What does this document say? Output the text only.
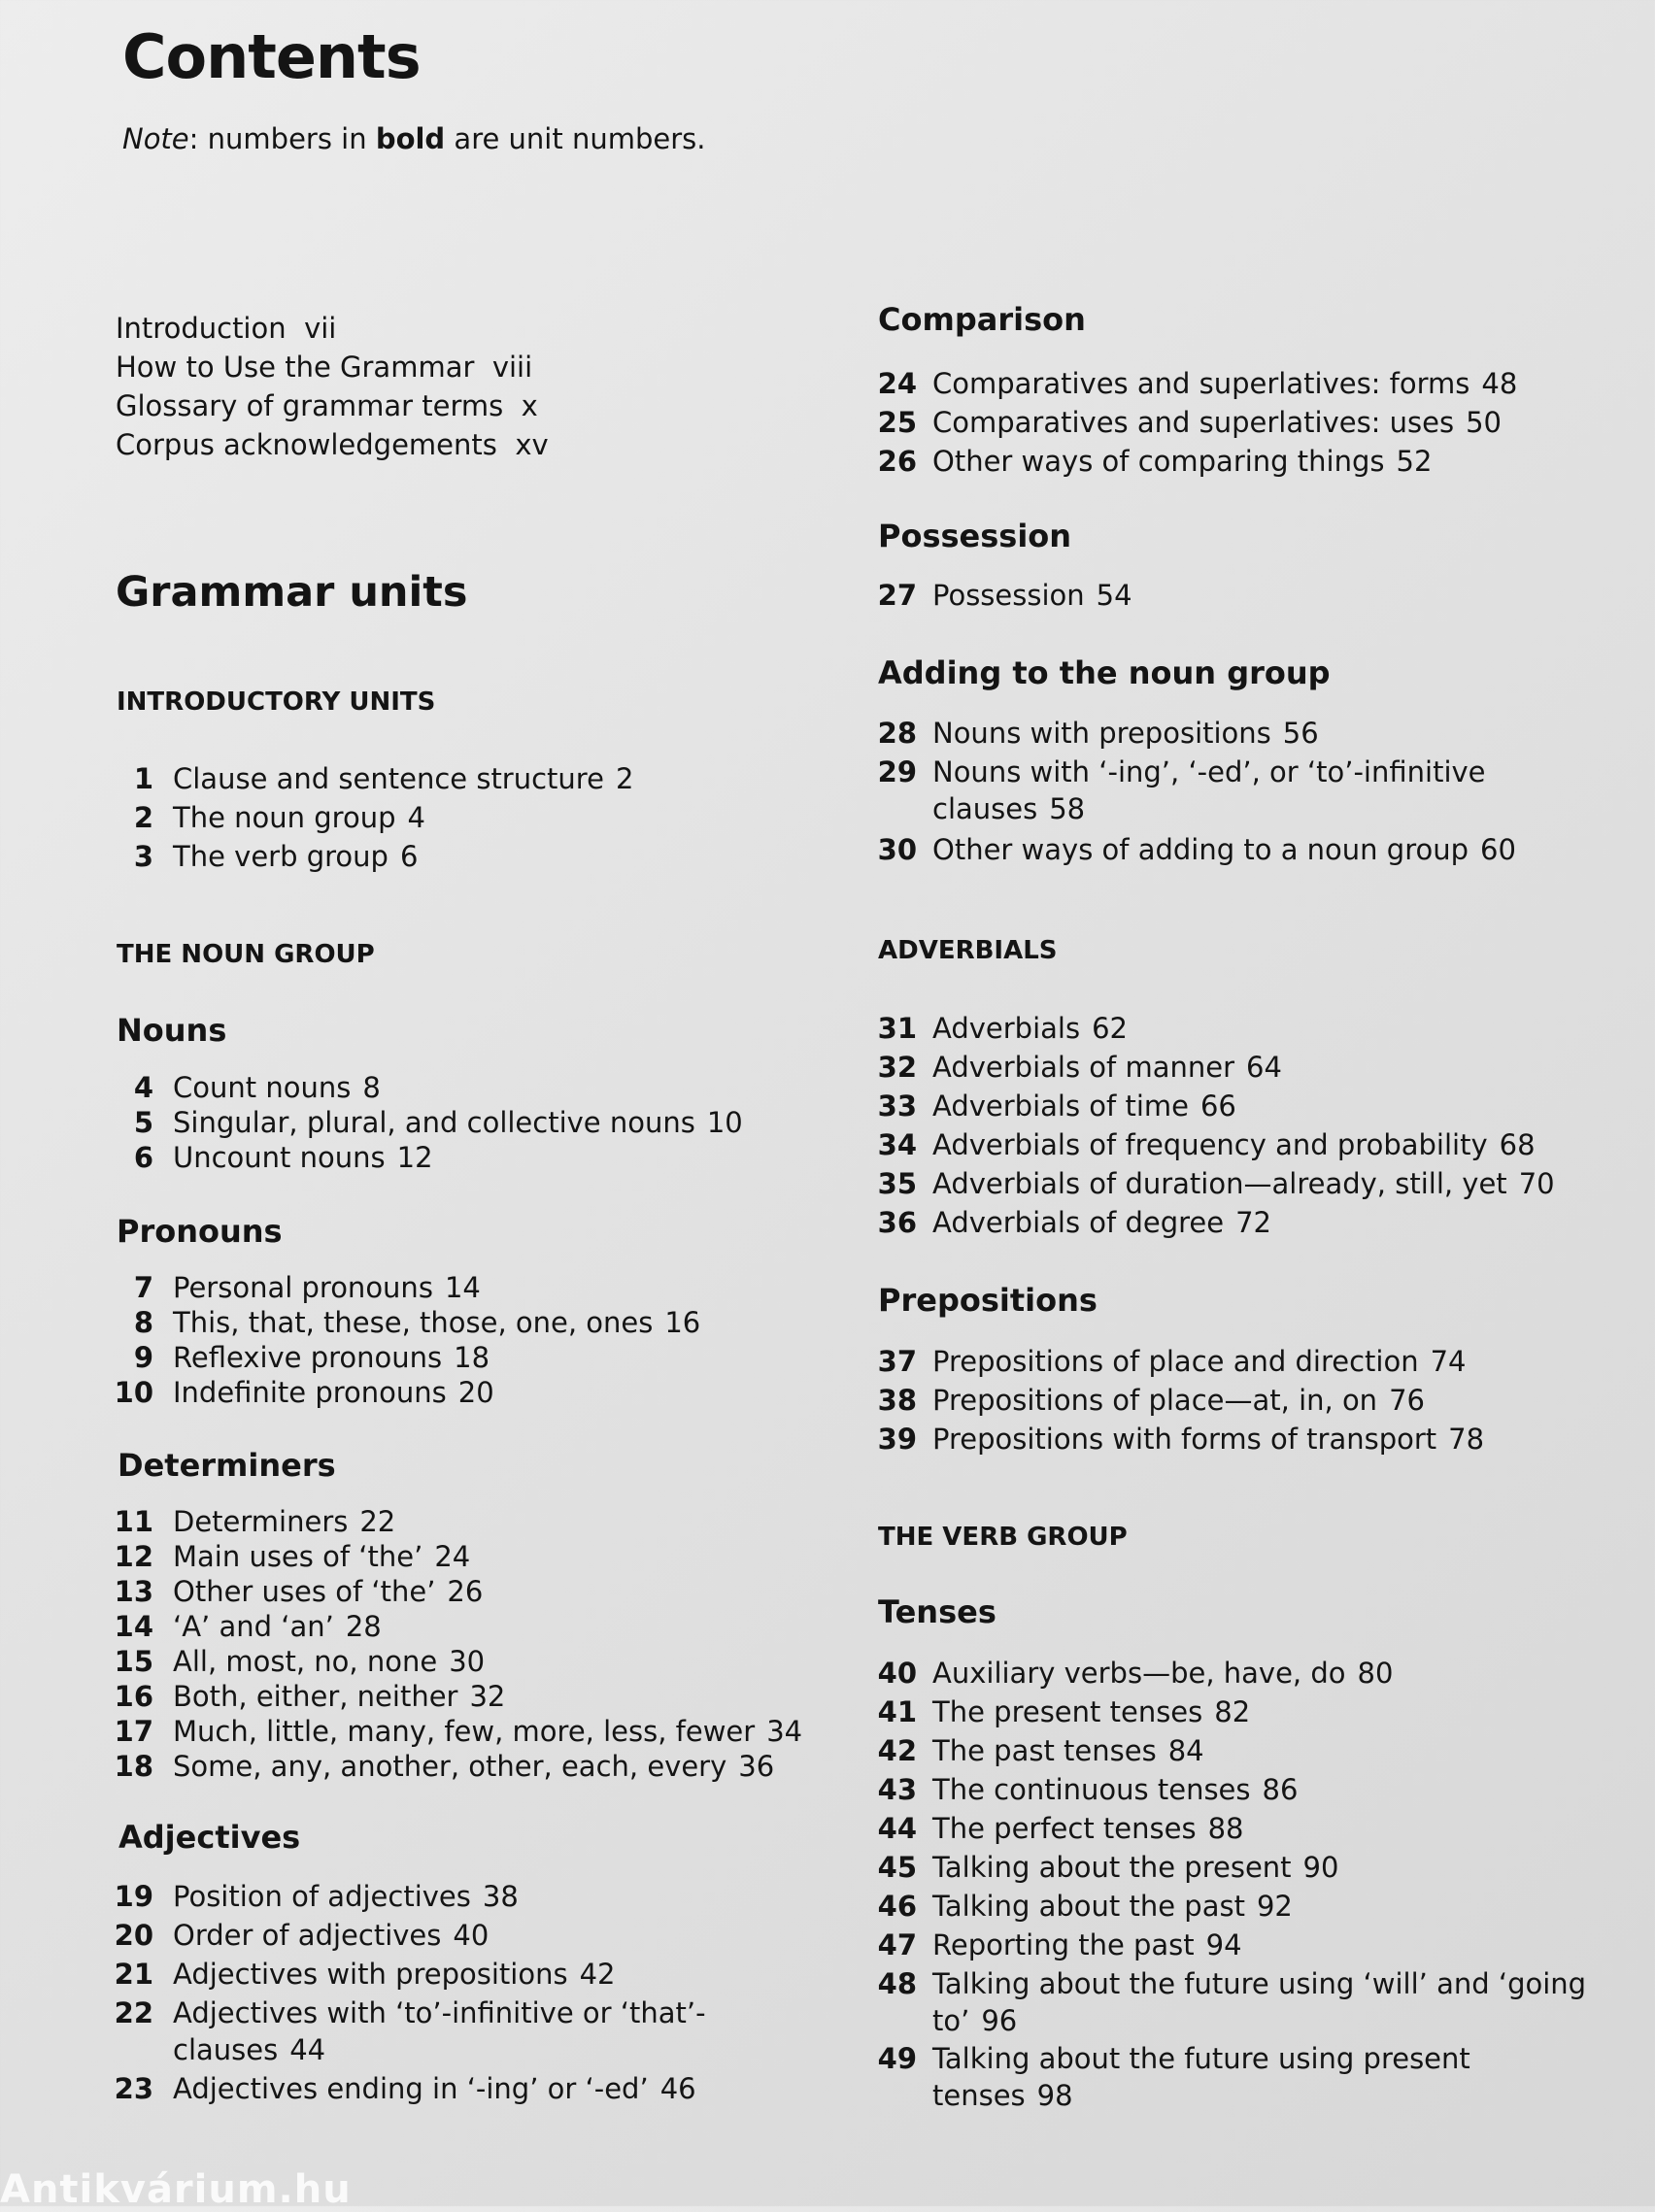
Contents
Note: numbers in bold are unit numbers.
Introduction vii
How to Use the Grammar viii
Glossary of grammar terms x
Corpus acknowledgements xv
Grammar units
INTRODUCTORY UNITS
1 Clause and sentence structure 2
2 The noun group 4
3 The verb group 6
THE NOUN GROUP
Nouns
4 Count nouns 8
5 Singular, plural, and collective nouns 10
6 Uncount nouns 12
Pronouns
7 Personal pronouns 14
8 This, that, these, those, one, ones 16
9 Reflexive pronouns 18
10 Indefinite pronouns 20
Determiners
11 Determiners 22
12 Main uses of ‘the’ 24
13 Other uses of ‘the’ 26
14 ‘A’ and ‘an’ 28
15 All, most, no, none 30
16 Both, either, neither 32
17 Much, little, many, few, more, less, fewer 34
18 Some, any, another, other, each, every 36
Adjectives
19 Position of adjectives 38
20 Order of adjectives 40
21 Adjectives with prepositions 42
22 Adjectives with ‘to’-infinitive or ‘that’-
clauses 44
23 Adjectives ending in ‘-ing’ or ‘-ed’ 46
Comparison
24 Comparatives and superlatives: forms 48
25 Comparatives and superlatives: uses 50
26 Other ways of comparing things 52
Possession
27 Possession 54
Adding to the noun group
28 Nouns with prepositions 56
29 Nouns with ‘-ing’, ‘-ed’, or ‘to’-infinitive
clauses 58
30 Other ways of adding to a noun group 60
ADVERBIALS
31 Adverbials 62
32 Adverbials of manner 64
33 Adverbials of time 66
34 Adverbials of frequency and probability 68
35 Adverbials of duration—already, still, yet 70
36 Adverbials of degree 72
Prepositions
37 Prepositions of place and direction 74
38 Prepositions of place—at, in, on 76
39 Prepositions with forms of transport 78
THE VERB GROUP
Tenses
40 Auxiliary verbs—be, have, do 80
41 The present tenses 82
42 The past tenses 84
43 The continuous tenses 86
44 The perfect tenses 88
45 Talking about the present 90
46 Talking about the past 92
47 Reporting the past 94
48 Talking about the future using ‘will’ and ‘going
to’ 96
49 Talking about the future using present
tenses 98
Antikvárium.hu
